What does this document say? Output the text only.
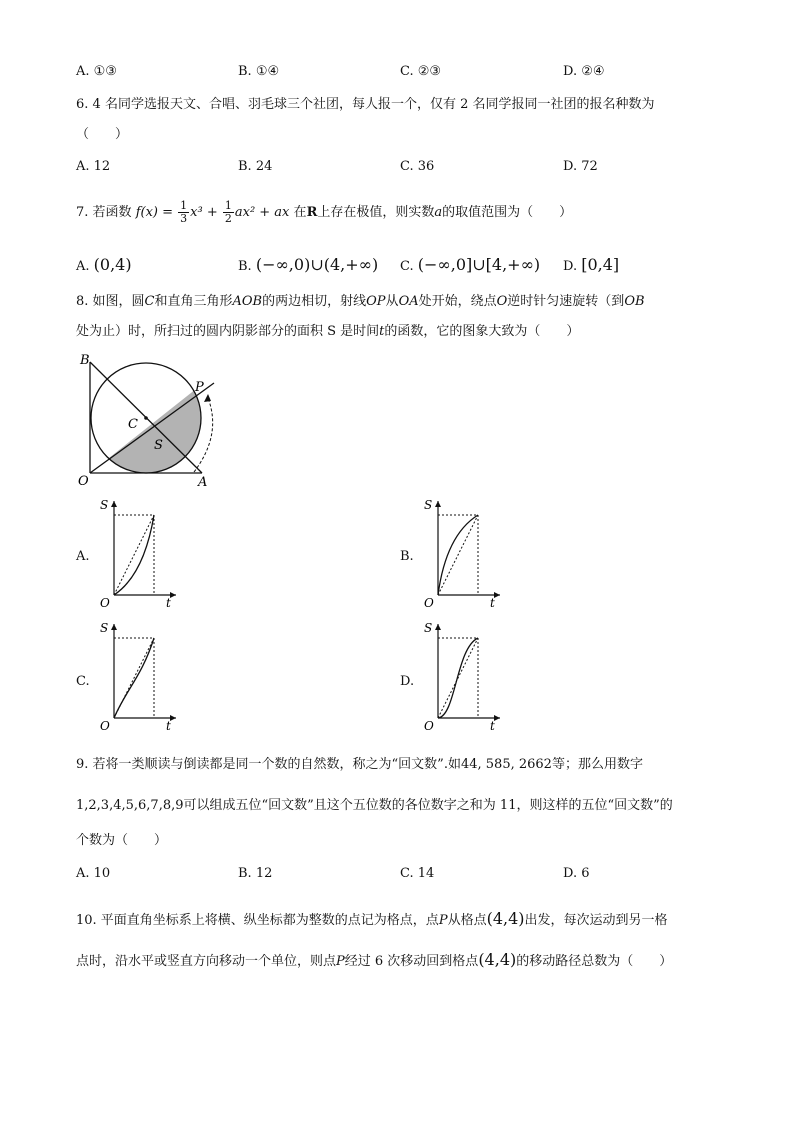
A. ①③	B. ①④	C. ②③	D. ②④
6. 4 名同学选报天文、合唱、羽毛球三个社团，每人报一个，仅有 2 名同学报同一社团的报名种数为
（　　）
A. 12	B. 24	C. 36	D. 72
7. 若函数 $f(x) = \frac{1}{3} x^3 + \frac{1}{2} ax^2$ + ax 在R上存在极值，则实数a的取值范围为（　　）
A. (0,4)	B. (−∞,0)∪(4,+∞) C. (−∞,0]∪[4,+∞) D. [0,4]
8. 如图，圆C和直角三角形AOB的两边相切，射线OP从OA处开始，绕点O逆时针匀速旋转（到OB
处为止）时，所扫过的圆内阴影部分的面积 S 是时间t的函数，它的图象大致为（　　）
B
P
C
S
O	A
A.
S
O	t
B.
S
O	t
C.
S
O	t
D.
S
O	t
9. 若将一类顺读与倒读都是同一个数的自然数，称之为“回文数”.如44, 585, 2662等；那么用数字
1,2,3,4,5,6,7,8,9可以组成五位“回文数”且这个五位数的各位数字之和为 11，则这样的五位“回文数”的
个数为（　　）
A. 10	B. 12	C. 14	D. 6
10. 平面直角坐标系上将横、纵坐标都为整数的点记为格点，点P从格点(4,4)出发，每次运动到另一格
点时，沿水平或竖直方向移动一个单位，则点P经过 6 次移动回到格点(4,4)的移动路径总数为（　　）
